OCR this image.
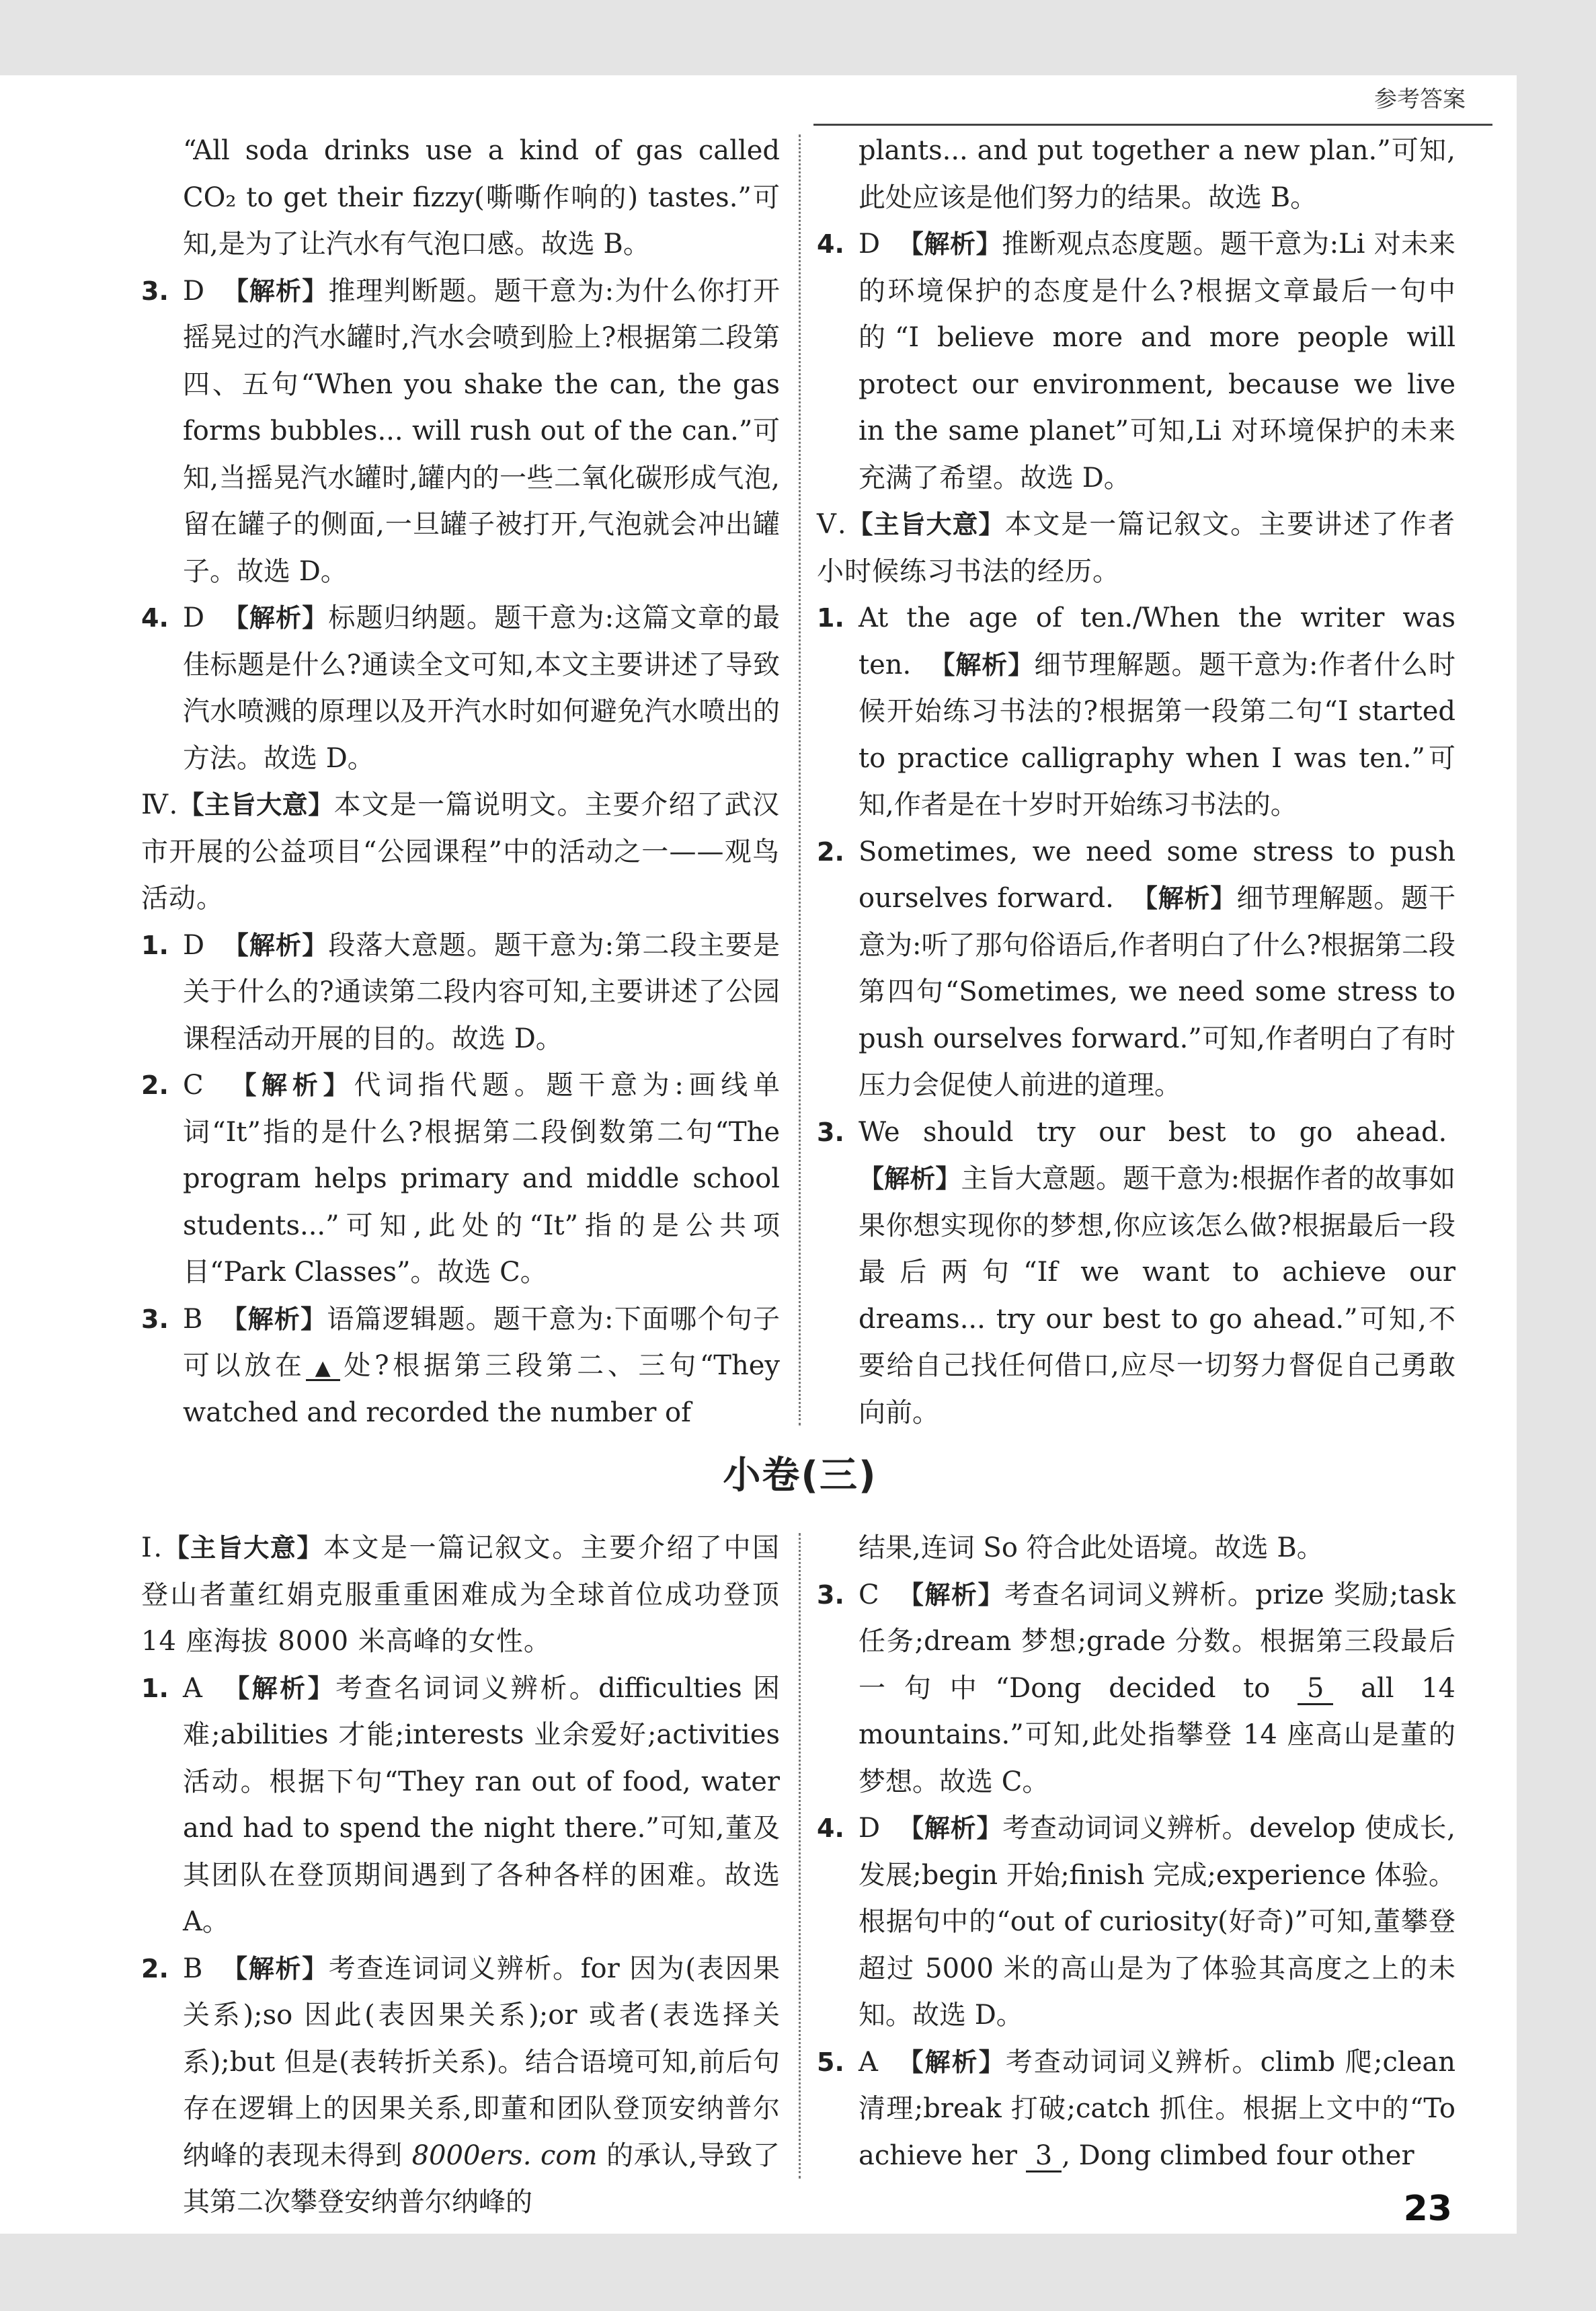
参考答案

“All soda drinks use a kind of gas called CO₂ to get their fizzy(嘶嘶作响的) tastes.”可知,是为了让汽水有气泡口感。故选 B。

3. D 【解析】推理判断题。题干意为:为什么你打开摇晃过的汽水罐时,汽水会喷到脸上?根据第二段第四、五句“When you shake the can, the gas forms bubbles... will rush out of the can.”可知,当摇晃汽水罐时,罐内的一些二氧化碳形成气泡,留在罐子的侧面,一旦罐子被打开,气泡就会冲出罐子。故选 D。

4. D 【解析】标题归纳题。题干意为:这篇文章的最佳标题是什么?通读全文可知,本文主要讲述了导致汽水喷溅的原理以及开汽水时如何避免汽水喷出的方法。故选 D。

Ⅳ.【主旨大意】本文是一篇说明文。主要介绍了武汉市开展的公益项目“公园课程”中的活动之一——观鸟活动。

1. D 【解析】段落大意题。题干意为:第二段主要是关于什么的?通读第二段内容可知,主要讲述了公园课程活动开展的目的。故选 D。

2. C 【解析】代词指代题。题干意为:画线单词“It”指的是什么?根据第二段倒数第二句“The program helps primary and middle school students...”可知,此处的“It”指的是公共项目“Park Classes”。故选 C。

3. B 【解析】语篇逻辑题。题干意为:下面哪个句子可以放在 ▲ 处?根据第三段第二、三句“They watched and recorded the number of

plants... and put together a new plan.”可知,此处应该是他们努力的结果。故选 B。

4. D 【解析】推断观点态度题。题干意为:Li 对未来的环境保护的态度是什么?根据文章最后一句中的“I believe more and more people will protect our environment, because we live in the same planet”可知,Li 对环境保护的未来充满了希望。故选 D。

Ⅴ.【主旨大意】本文是一篇记叙文。主要讲述了作者小时候练习书法的经历。

1. At the age of ten./When the writer was ten. 【解析】细节理解题。题干意为:作者什么时候开始练习书法的?根据第一段第二句“I started to practice calligraphy when I was ten.”可知,作者是在十岁时开始练习书法的。

2. Sometimes, we need some stress to push ourselves forward. 【解析】细节理解题。题干意为:听了那句俗语后,作者明白了什么?根据第二段第四句“Sometimes, we need some stress to push ourselves forward.”可知,作者明白了有时压力会促使人前进的道理。

3. We should try our best to go ahead.  【解析】主旨大意题。题干意为:根据作者的故事如果你想实现你的梦想,你应该怎么做?根据最后一段最后两句“If we want to achieve our dreams... try our best to go ahead.”可知,不要给自己找任何借口,应尽一切努力督促自己勇敢向前。

小卷(三)

Ⅰ.【主旨大意】本文是一篇记叙文。主要介绍了中国登山者董红娟克服重重困难成为全球首位成功登顶 14 座海拔 8000 米高峰的女性。

1. A 【解析】考查名词词义辨析。difficulties 困难;abilities 才能;interests 业余爱好;activities 活动。根据下句“They ran out of food, water and had to spend the night there.”可知,董及其团队在登顶期间遇到了各种各样的困难。故选 A。

2. B 【解析】考查连词词义辨析。for 因为(表因果关系);so 因此(表因果关系);or 或者(表选择关系);but 但是(表转折关系)。结合语境可知,前后句存在逻辑上的因果关系,即董和团队登顶安纳普尔纳峰的表现未得到 8000ers. com 的承认,导致了其第二次攀登安纳普尔纳峰的

结果,连词 So 符合此处语境。故选 B。

3. C 【解析】考查名词词义辨析。prize 奖励;task 任务;dream 梦想;grade 分数。根据第三段最后一句中“Dong decided to 5 all 14 mountains.”可知,此处指攀登 14 座高山是董的梦想。故选 C。

4. D 【解析】考查动词词义辨析。develop 使成长,发展;begin 开始;finish 完成;experience 体验。根据句中的“out of curiosity(好奇)”可知,董攀登超过 5000 米的高山是为了体验其高度之上的未知。故选 D。

5. A 【解析】考查动词词义辨析。climb 爬;clean 清理;break 打破;catch 抓住。根据上文中的“To achieve her 3 , Dong climbed four other

23
